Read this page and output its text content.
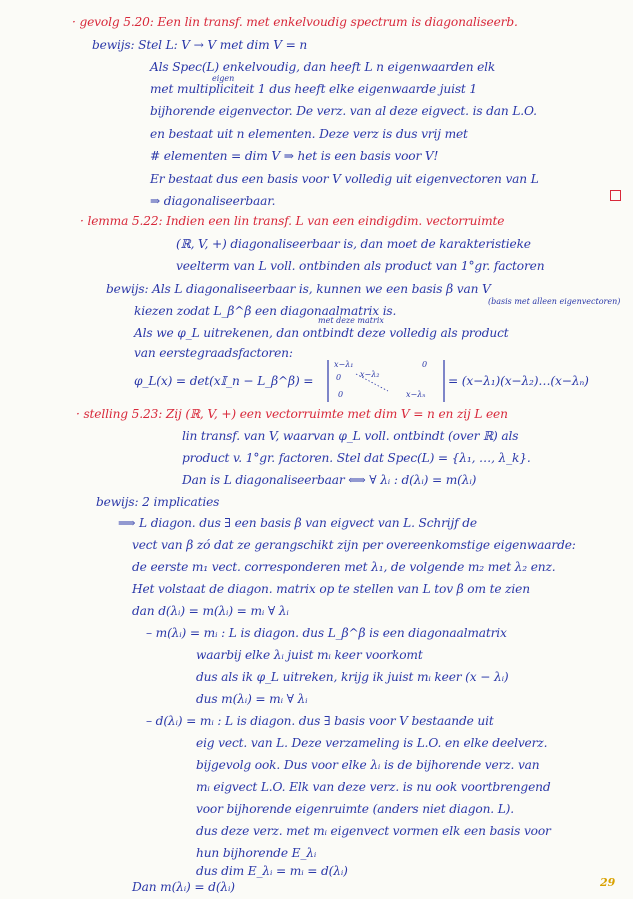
· gevolg 5.20: Een lin transf. met enkelvoudig spectrum is diagonaliseerb.
bewijs: Stel L: V → V met dim V = n
Als Spec(L) enkelvoudig, dan heeft L n eigenwaarden elk
eigen
met multipliciteit 1 dus heeft elke eigenwaarde juist 1
bijhorende eigenvector. De verz. van al deze eigvect. is dan L.O.
en bestaat uit n elementen. Deze verz is dus vrij met
# elementen = dim V ⇒ het is een basis voor V!
Er bestaat dus een basis voor V volledig uit eigenvectoren van L
⇒ diagonaliseerbaar.
· lemma 5.22: Indien een lin transf. L van een eindigdim. vectorruimte
(ℝ, V, +) diagonaliseerbaar is, dan moet de karakteristieke
veelterm van L voll. ontbinden als product van 1°gr. factoren
bewijs: Als L diagonaliseerbaar is, kunnen we een basis β van V
kiezen zodat L_β^β een diagonaalmatrix is.
(basis met alleen eigenvectoren)
met deze matrix
Als we φ_L uitrekenen, dan ontbindt deze volledig als product
van eerstegraadsfactoren:
φ_L(x) = det(x𝕀_n − L_β^β) =
x−λ₁	0
0 x−λ₂
0	x−λₙ
= (x−λ₁)(x−λ₂)…(x−λₙ)
· stelling 5.23: Zij (ℝ, V, +) een vectorruimte met dim V = n en zij L een
lin transf. van V, waarvan φ_L voll. ontbindt (over ℝ) als
product v. 1°gr. factoren. Stel dat Spec(L) = {λ₁, …, λ_k}.
Dan is L diagonaliseerbaar ⟺ ∀ λᵢ : d(λᵢ) = m(λᵢ)
bewijs: 2 implicaties
⟹ L diagon. dus ∃ een basis β van eigvect van L. Schrijf de
vect van β zó dat ze gerangschikt zijn per overeenkomstige eigenwaarde:
de eerste m₁ vect. corresponderen met λ₁, de volgende m₂ met λ₂ enz.
Het volstaat de diagon. matrix op te stellen van L tov β om te zien
dan d(λᵢ) = m(λᵢ) = mᵢ ∀ λᵢ
– m(λᵢ) = mᵢ : L is diagon. dus L_β^β is een diagonaalmatrix
waarbij elke λᵢ juist mᵢ keer voorkomt
dus als ik φ_L uitreken, krijg ik juist mᵢ keer (x − λᵢ)
dus m(λᵢ) = mᵢ ∀ λᵢ
– d(λᵢ) = mᵢ : L is diagon. dus ∃ basis voor V bestaande uit
eig vect. van L. Deze verzameling is L.O. en elke deelverz.
bijgevolg ook. Dus voor elke λᵢ is de bijhorende verz. van
mᵢ eigvect L.O. Elk van deze verz. is nu ook voortbrengend
voor bijhorende eigenruimte (anders niet diagon. L).
dus deze verz. met mᵢ eigenvect vormen elk een basis voor
hun bijhorende E_λᵢ
dus dim E_λᵢ = mᵢ = d(λᵢ)
Dan m(λᵢ) = d(λᵢ)	29
